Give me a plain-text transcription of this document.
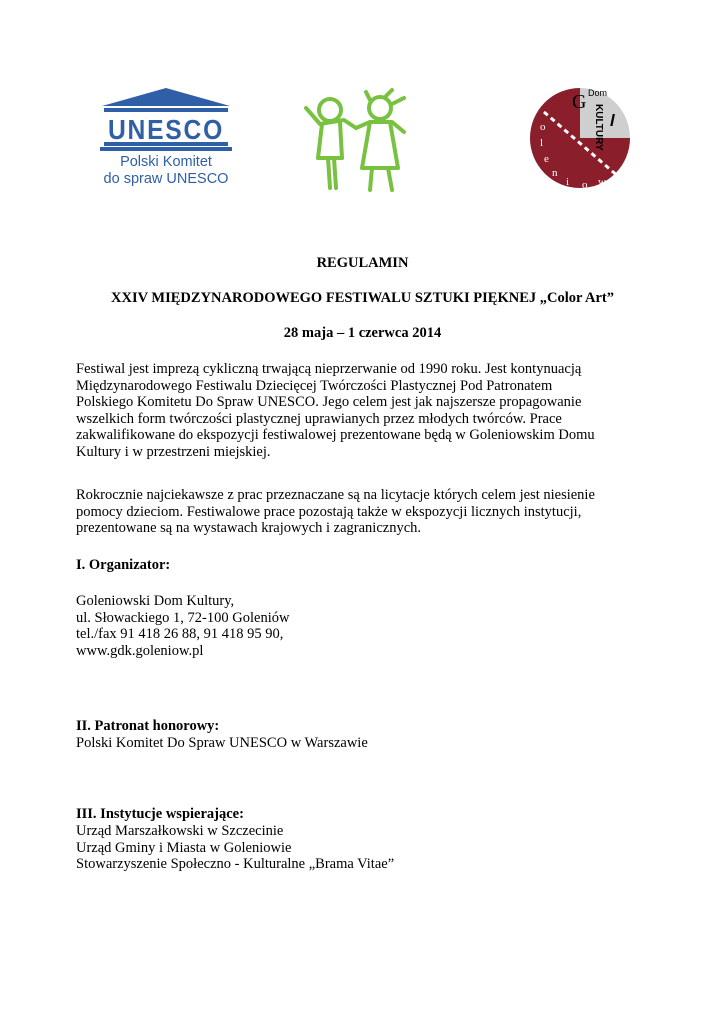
UNESCO
Polski Komitet
do spraw UNESCO
G Dom
KULTURY 𝒍
o
l
e
n
i o w
REGULAMIN
XXIV MIĘDZYNARODOWEGO FESTIWALU SZTUKI PIĘKNEJ „Color Art”
28 maja – 1 czerwca 2014
Festiwal jest imprezą cykliczną trwającą nieprzerwanie od 1990 roku. Jest kontynuacją
Międzynarodowego Festiwalu Dziecięcej Twórczości Plastycznej Pod Patronatem
Polskiego Komitetu Do Spraw UNESCO. Jego celem jest jak najszersze propagowanie
wszelkich form twórczości plastycznej uprawianych przez młodych twórców. Prace
zakwalifikowane do ekspozycji festiwalowej prezentowane będą w Goleniowskim Domu
Kultury i w przestrzeni miejskiej.
Rokrocznie najciekawsze z prac przeznaczane są na licytacje których celem jest niesienie
pomocy dzieciom. Festiwalowe prace pozostają także w ekspozycji licznych instytucji,
prezentowane są na wystawach krajowych i zagranicznych.
I. Organizator:
Goleniowski Dom Kultury,
ul. Słowackiego 1, 72-100 Goleniów
tel./fax 91 418 26 88, 91 418 95 90,
www.gdk.goleniow.pl
II. Patronat honorowy:
Polski Komitet Do Spraw UNESCO w Warszawie
III. Instytucje wspierające:
Urząd Marszałkowski w Szczecinie
Urząd Gminy i Miasta w Goleniowie
Stowarzyszenie Społeczno - Kulturalne „Brama Vitae”
